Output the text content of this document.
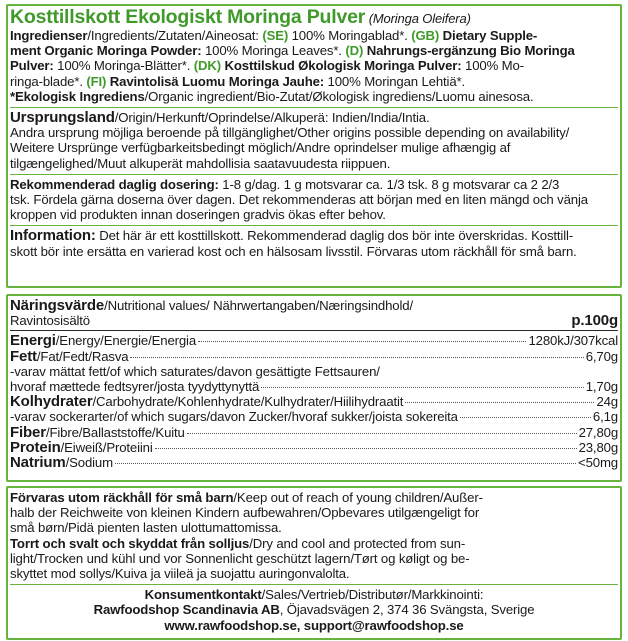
Kosttillskott Ekologiskt Moringa Pulver (Moringa Oleifera)
Ingredienser/Ingredients/Zutaten/Aineosat: (SE) 100% Moringablad*. (GB) Dietary Supple-
ment Organic Moringa Powder: 100% Moringa Leaves*. (D) Nahrungs-ergänzung Bio Moringa
Pulver: 100% Moringa-Blätter*. (DK) Kosttilskud Økologisk Moringa Pulver: 100% Mo-
ringa-blade*. (FI) Ravintolisä Luomu Moringa Jauhe: 100% Moringan Lehtiä*.
*Ekologisk Ingrediens/Organic ingredient/Bio-Zutat/Økologisk ingrediens/Luomu ainesosa.
Ursprungsland/Origin/Herkunft/Oprindelse/Alkuperä: Indien/India/Intia.
Andra ursprung möjliga beroende på tillgänglighet/Other origins possible depending on availability/
Weitere Ursprünge verfügbarkeitsbedingt möglich/Andre oprindelser mulige afhængig af
tilgængelighed/Muut alkuperät mahdollisia saatavuudesta riippuen.
Rekommenderad daglig dosering: 1-8 g/dag. 1 g motsvarar ca. 1/3 tsk. 8 g motsvarar ca 2 2/3
tsk. Fördela gärna doserna över dagen. Det rekommenderas att början med en liten mängd och vänja
kroppen vid produkten innan doseringen gradvis ökas efter behov.
Information: Det här är ett kosttillskott. Rekommenderad daglig dos bör inte överskridas. Kosttill-
skott bör inte ersätta en varierad kost och en hälsosam livsstil. Förvaras utom räckhåll för små barn.
Näringsvärde/Nutritional values/ Nährwertangaben/Næringsindhold/
Ravintosisältö	p.100g
Energi/Energy/Energie/Energia	1280kJ/307kcal
Fett/Fat/Fedt/Rasva	6,70g
-varav mättat fett/of which saturates/davon gesättigte Fettsauren/
hvoraf mættede fedtsyrer/josta tyydyttynyttä	1,70g
Kolhydrater/Carbohydrate/Kohlenhydrate/Kulhydrater/Hiilihydraatit	24g
-varav sockerarter/of which sugars/davon Zucker/hvoraf sukker/joista sokereita	6,1g
Fiber/Fibre/Ballaststoffe/Kuitu	27,80g
Protein/Eiweiß/Proteiini	23,80g
Natrium/Sodium	<50mg
Förvaras utom räckhåll för små barn/Keep out of reach of young children/Außer-
halb der Reichweite von kleinen Kindern aufbewahren/Opbevares utilgængeligt for
små børn/Pidä pienten lasten ulottumattomissa.
Torrt och svalt och skyddat från solljus/Dry and cool and protected from sun-
light/Trocken und kühl und vor Sonnenlicht geschützt lagern/Tørt og køligt og be-
skyttet mod sollys/Kuiva ja viileä ja suojattu auringonvalolta.
Konsumentkontakt/Sales/Vertrieb/Distributør/Markkinointi:
Rawfoodshop Scandinavia AB, Öjavadsvägen 2, 374 36 Svängsta, Sverige
www.rawfoodshop.se, support@rawfoodshop.se
